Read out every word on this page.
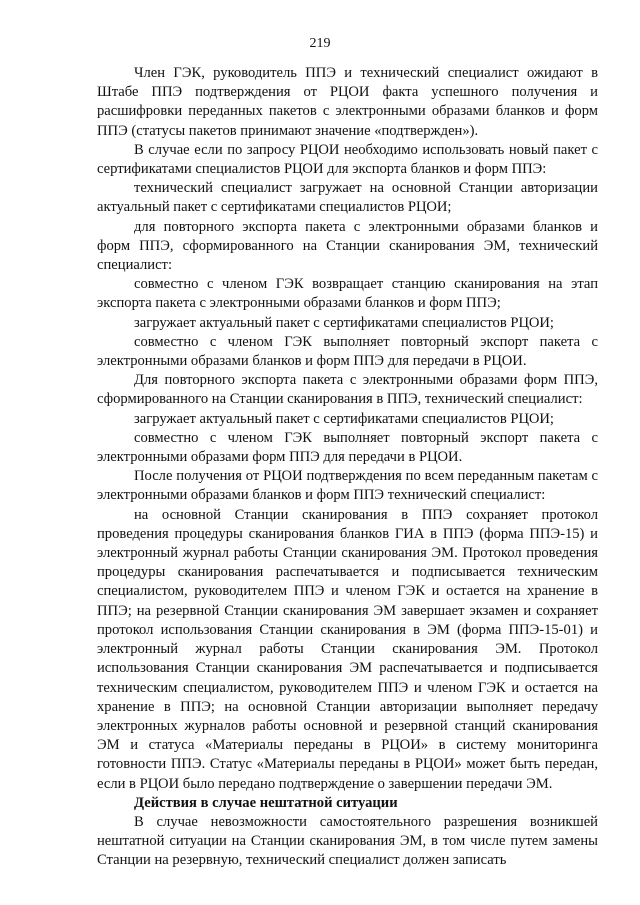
219

Член ГЭК, руководитель ППЭ и технический специалист ожидают в Штабе ППЭ подтверждения от РЦОИ факта успешного получения и расшифровки переданных пакетов с электронными образами бланков и форм ППЭ (статусы пакетов принимают значение «подтвержден»).

В случае если по запросу РЦОИ необходимо использовать новый пакет с сертификатами специалистов РЦОИ для экспорта бланков и форм ППЭ:

технический специалист загружает на основной Станции авторизации актуальный пакет с сертификатами специалистов РЦОИ;

для повторного экспорта пакета с электронными образами бланков и форм ППЭ, сформированного на Станции сканирования ЭМ, технический специалист:

совместно с членом ГЭК возвращает станцию сканирования на этап экспорта пакета с электронными образами бланков и форм ППЭ;

загружает актуальный пакет с сертификатами специалистов РЦОИ;

совместно с членом ГЭК выполняет повторный экспорт пакета с электронными образами бланков и форм ППЭ для передачи в РЦОИ.

Для повторного экспорта пакета с электронными образами форм ППЭ, сформированного на Станции сканирования в ППЭ, технический специалист:

загружает актуальный пакет с сертификатами специалистов РЦОИ;

совместно с членом ГЭК выполняет повторный экспорт пакета с электронными образами форм ППЭ для передачи в РЦОИ.

После получения от РЦОИ подтверждения по всем переданным пакетам с электронными образами бланков и форм ППЭ технический специалист:

на основной Станции сканирования в ППЭ сохраняет протокол проведения процедуры сканирования бланков ГИА в ППЭ (форма ППЭ-15) и электронный журнал работы Станции сканирования ЭМ. Протокол проведения процедуры сканирования распечатывается и подписывается техническим специалистом, руководителем ППЭ и членом ГЭК и остается на хранение в ППЭ; на резервной Станции сканирования ЭМ завершает экзамен и сохраняет протокол использования Станции сканирования в ЭМ (форма ППЭ-15-01) и электронный журнал работы Станции сканирования ЭМ. Протокол использования Станции сканирования ЭМ распечатывается и подписывается техническим специалистом, руководителем ППЭ и членом ГЭК и остается на хранение в ППЭ; на основной Станции авторизации выполняет передачу электронных журналов работы основной и резервной станций сканирования ЭМ и статуса «Материалы переданы в РЦОИ» в систему мониторинга готовности ППЭ. Статус «Материалы переданы в РЦОИ» может быть передан, если в РЦОИ было передано подтверждение о завершении передачи ЭМ.

Действия в случае нештатной ситуации

В случае невозможности самостоятельного разрешения возникшей нештатной ситуации на Станции сканирования ЭМ, в том числе путем замены Станции на резервную, технический специалист должен записать
